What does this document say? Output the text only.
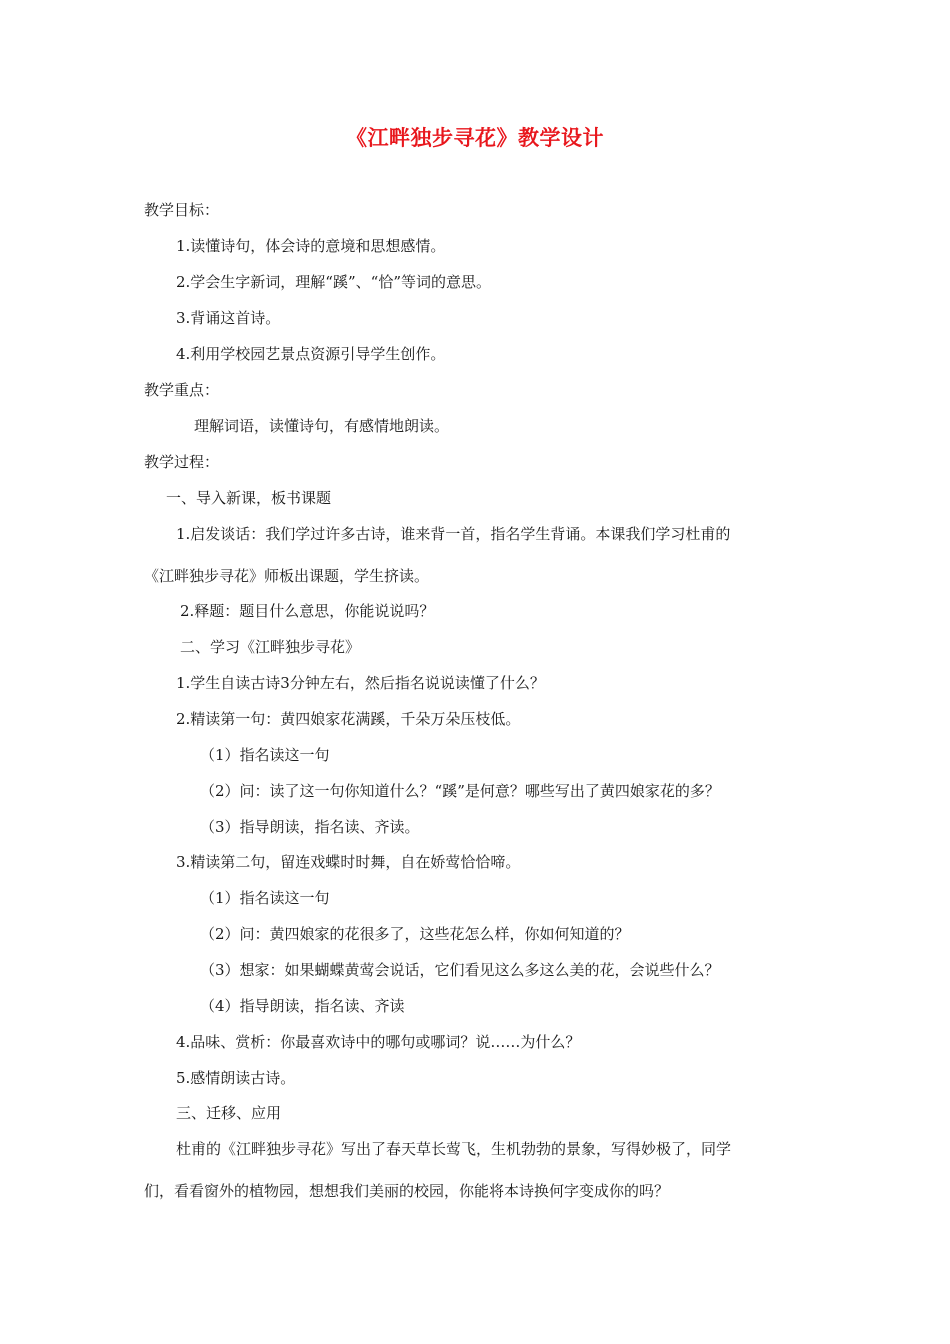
《江畔独步寻花》教学设计
教学目标：
1.读懂诗句，体会诗的意境和思想感情。
2.学会生字新词，理解“蹊”、“恰”等词的意思。
3.背诵这首诗。
4.利用学校园艺景点资源引导学生创作。
教学重点：
理解词语，读懂诗句，有感情地朗读。
教学过程：
一、导入新课，板书课题
1.启发谈话：我们学过许多古诗，谁来背一首，指名学生背诵。本课我们学习杜甫的
《江畔独步寻花》师板出课题，学生挤读。
2.释题：题目什么意思，你能说说吗？
二、学习《江畔独步寻花》
1.学生自读古诗3分钟左右，然后指名说说读懂了什么？
2.精读第一句：黄四娘家花满蹊，千朵万朵压枝低。
（1）指名读这一句
（2）问：读了这一句你知道什么？“蹊”是何意？哪些写出了黄四娘家花的多？
（3）指导朗读，指名读、齐读。
3.精读第二句，留连戏蝶时时舞，自在娇莺恰恰啼。
（1）指名读这一句
（2）问：黄四娘家的花很多了，这些花怎么样，你如何知道的？
（3）想家：如果蝴蝶黄莺会说话，它们看见这么多这么美的花，会说些什么？
（4）指导朗读，指名读、齐读
4.品味、赏析：你最喜欢诗中的哪句或哪词？说……为什么？
5.感情朗读古诗。
三、迁移、应用
杜甫的《江畔独步寻花》写出了春天草长莺飞，生机勃勃的景象，写得妙极了，同学
们，看看窗外的植物园，想想我们美丽的校园，你能将本诗换何字变成你的吗？
